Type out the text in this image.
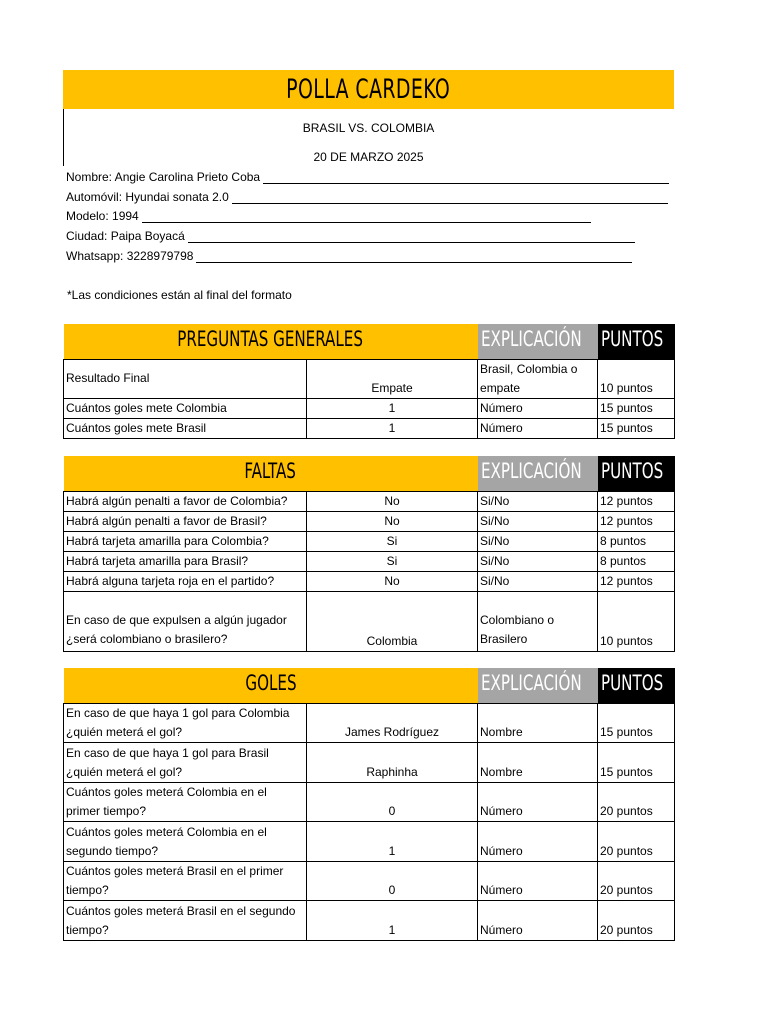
POLLA CARDEKO
BRASIL VS. COLOMBIA
20 DE MARZO 2025
Nombre: Angie Carolina Prieto Coba
Automóvil: Hyundai sonata 2.0
Modelo: 1994
Ciudad: Paipa Boyacá
Whatsapp: 3228979798
*Las condiciones están al final del formato
PREGUNTAS GENERALES		EXPLICACIÓN	PUNTOS
Resultado Final	Empate	Brasil, Colombia o empate	10 puntos
Cuántos goles mete Colombia	1	Número	15 puntos
Cuántos goles mete Brasil	1	Número	15 puntos
FALTAS		EXPLICACIÓN	PUNTOS
Habrá algún penalti a favor de Colombia?	No	Si/No	12 puntos
Habrá algún penalti a favor de Brasil?	No	Si/No	12 puntos
Habrá tarjeta amarilla para Colombia?	Si	Si/No	8 puntos
Habrá tarjeta amarilla para Brasil?	Si	Si/No	8 puntos
Habrá alguna tarjeta roja en el partido?	No	Si/No	12 puntos
En caso de que expulsen a algún jugador ¿será colombiano o brasilero?	Colombia	Colombiano o Brasilero	10 puntos
GOLES		EXPLICACIÓN	PUNTOS
En caso de que haya 1 gol para Colombia ¿quién meterá el gol?	James Rodríguez	Nombre	15 puntos
En caso de que haya 1 gol para Brasil ¿quién meterá el gol?	Raphinha	Nombre	15 puntos
Cuántos goles meterá Colombia en el primer tiempo?	0	Número	20 puntos
Cuántos goles meterá Colombia en el segundo tiempo?	1	Número	20 puntos
Cuántos goles meterá Brasil en el primer tiempo?	0	Número	20 puntos
Cuántos goles meterá Brasil en el segundo tiempo?	1	Número	20 puntos
